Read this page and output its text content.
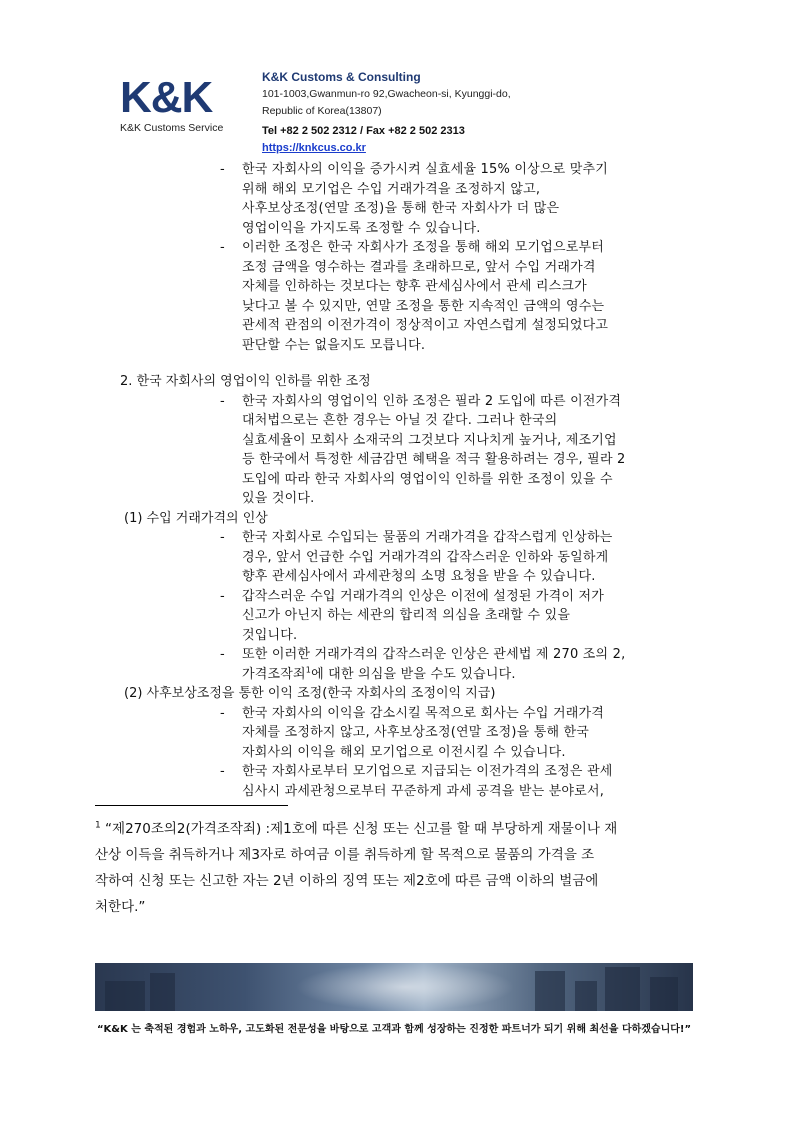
K&K
K&K Customs Service
K&K Customs & Consulting
101-1003,Gwanmun-ro 92,Gwacheon-si, Kyunggi-do,
Republic of Korea(13807)
Tel +82 2 502 2312 / Fax +82 2 502 2313
https://knkcus.co.kr
- 한국 자회사의 이익을 증가시켜 실효세율 15% 이상으로 맞추기
위해 해외 모기업은 수입 거래가격을 조정하지 않고,
사후보상조정(연말 조정)을 통해 한국 자회사가 더 많은
영업이익을 가지도록 조정할 수 있습니다.
- 이러한 조정은 한국 자회사가 조정을 통해 해외 모기업으로부터
조정 금액을 영수하는 결과를 초래하므로, 앞서 수입 거래가격
자체를 인하하는 것보다는 향후 관세심사에서 관세 리스크가
낮다고 볼 수 있지만, 연말 조정을 통한 지속적인 금액의 영수는
관세적 관점의 이전가격이 정상적이고 자연스럽게 설정되었다고
판단할 수는 없을지도 모릅니다.
2. 한국 자회사의 영업이익 인하를 위한 조정
- 한국 자회사의 영업이익 인하 조정은 필라 2 도입에 따른 이전가격
대처법으로는 흔한 경우는 아닐 것 같다. 그러나 한국의
실효세율이 모회사 소재국의 그것보다 지나치게 높거나, 제조기업
등 한국에서 특정한 세금감면 혜택을 적극 활용하려는 경우, 필라 2
도입에 따라 한국 자회사의 영업이익 인하를 위한 조정이 있을 수
있을 것이다.
(1) 수입 거래가격의 인상
- 한국 자회사로 수입되는 물품의 거래가격을 갑작스럽게 인상하는
경우, 앞서 언급한 수입 거래가격의 갑작스러운 인하와 동일하게
향후 관세심사에서 과세관청의 소명 요청을 받을 수 있습니다.
- 갑작스러운 수입 거래가격의 인상은 이전에 설정된 가격이 저가
신고가 아닌지 하는 세관의 합리적 의심을 초래할 수 있을
것입니다.
- 또한 이러한 거래가격의 갑작스러운 인상은 관세법 제 270 조의 2,
가격조작죄$^1$에 대한 의심을 받을 수도 있습니다.
(2) 사후보상조정을 통한 이익 조정(한국 자회사의 조정이익 지급)
- 한국 자회사의 이익을 감소시킬 목적으로 회사는 수입 거래가격
자체를 조정하지 않고, 사후보상조정(연말 조정)을 통해 한국
자회사의 이익을 해외 모기업으로 이전시킬 수 있습니다.
- 한국 자회사로부터 모기업으로 지급되는 이전가격의 조정은 관세
심사시 과세관청으로부터 꾸준하게 과세 공격을 받는 분야로서,
$^1$ “제270조의2(가격조작죄) :제1호에 따른 신청 또는 신고를 할 때 부당하게 재물이나 재
산상 이득을 취득하거나 제3자로 하여금 이를 취득하게 할 목적으로 물품의 가격을 조
작하여 신청 또는 신고한 자는 2년 이하의 징역 또는 제2호에 따른 금액 이하의 벌금에
처한다.”
“K&K 는 축적된 경험과 노하우, 고도화된 전문성을 바탕으로 고객과 함께 성장하는 진정한 파트너가 되기 위해 최선을 다하겠습니다!”
